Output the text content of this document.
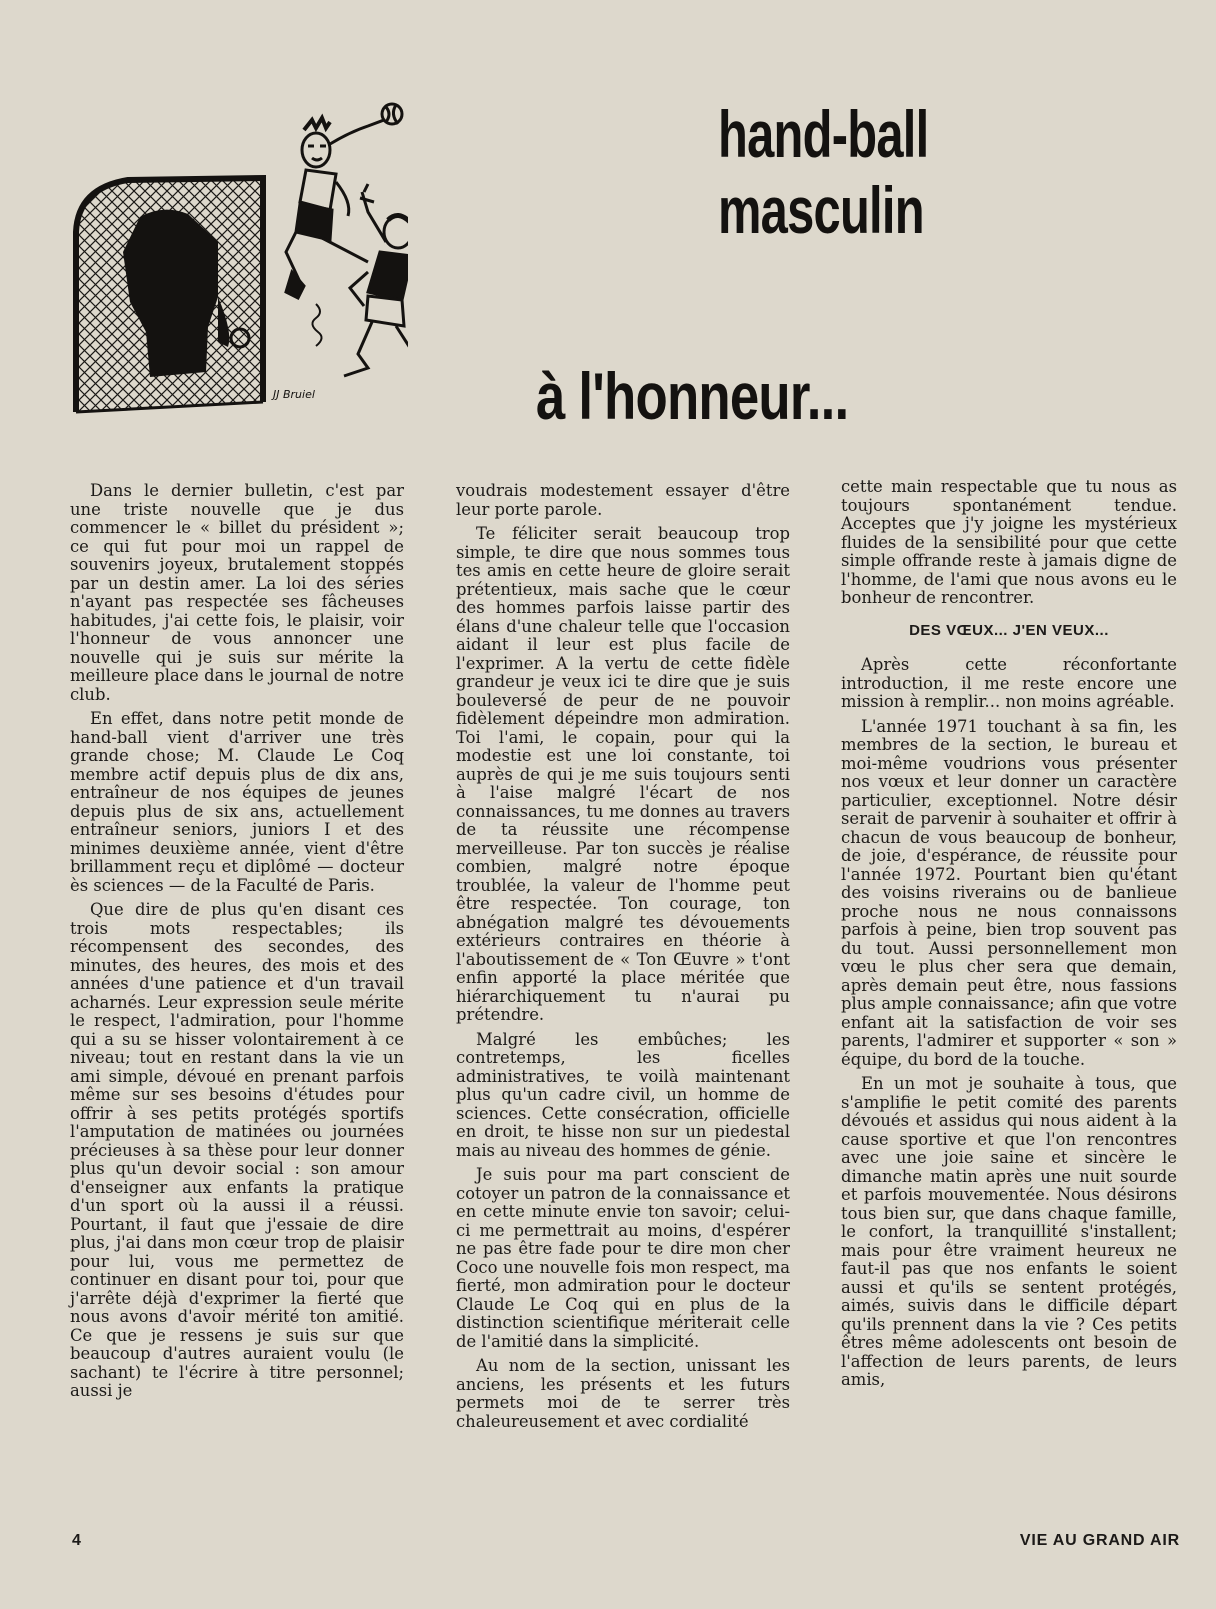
hand-ball masculin
à l'honneur...
JJ Bruiel

Dans le dernier bulletin, c'est par une triste nouvelle que je dus commencer le « billet du président »; ce qui fut pour moi un rappel de souvenirs joyeux, brutalement stoppés par un destin amer. La loi des séries n'ayant pas respectée ses fâcheuses habitudes, j'ai cette fois, le plaisir, voir l'honneur de vous annoncer une nouvelle qui je suis sur mérite la meilleure place dans le journal de notre club.

En effet, dans notre petit monde de hand-ball vient d'arriver une très grande chose; M. Claude Le Coq membre actif depuis plus de dix ans, entraîneur de nos équipes de jeunes depuis plus de six ans, actuellement entraîneur seniors, juniors I et des minimes deuxième année, vient d'être brillamment reçu et diplômé — docteur ès sciences — de la Faculté de Paris.

Que dire de plus qu'en disant ces trois mots respectables; ils récompensent des secondes, des minutes, des heures, des mois et des années d'une patience et d'un travail acharnés. Leur expression seule mérite le respect, l'admiration, pour l'homme qui a su se hisser volontairement à ce niveau; tout en restant dans la vie un ami simple, dévoué en prenant parfois même sur ses besoins d'études pour offrir à ses petits protégés sportifs l'amputation de matinées ou journées précieuses à sa thèse pour leur donner plus qu'un devoir social : son amour d'enseigner aux enfants la pratique d'un sport où la aussi il a réussi. Pourtant, il faut que j'essaie de dire plus, j'ai dans mon cœur trop de plaisir pour lui, vous me permettez de continuer en disant pour toi, pour que j'arrête déjà d'exprimer la fierté que nous avons d'avoir mérité ton amitié. Ce que je ressens je suis sur que beaucoup d'autres auraient voulu (le sachant) te l'écrire à titre personnel; aussi je

voudrais modestement essayer d'être leur porte parole.

Te féliciter serait beaucoup trop simple, te dire que nous sommes tous tes amis en cette heure de gloire serait prétentieux, mais sache que le cœur des hommes parfois laisse partir des élans d'une chaleur telle que l'occasion aidant il leur est plus facile de l'exprimer. A la vertu de cette fidèle grandeur je veux ici te dire que je suis bouleversé de peur de ne pouvoir fidèlement dépeindre mon admiration. Toi l'ami, le copain, pour qui la modestie est une loi constante, toi auprès de qui je me suis toujours senti à l'aise malgré l'écart de nos connaissances, tu me donnes au travers de ta réussite une récompense merveilleuse. Par ton succès je réalise combien, malgré notre époque troublée, la valeur de l'homme peut être respectée. Ton courage, ton abnégation malgré tes dévouements extérieurs contraires en théorie à l'aboutissement de « Ton Œuvre » t'ont enfin apporté la place méritée que hiérarchiquement tu n'aurai pu prétendre.

Malgré les embûches; les contretemps, les ficelles administratives, te voilà maintenant plus qu'un cadre civil, un homme de sciences. Cette consécration, officielle en droit, te hisse non sur un piedestal mais au niveau des hommes de génie.

Je suis pour ma part conscient de cotoyer un patron de la connaissance et en cette minute envie ton savoir; celui-ci me permettrait au moins, d'espérer ne pas être fade pour te dire mon cher Coco une nouvelle fois mon respect, ma fierté, mon admiration pour le docteur Claude Le Coq qui en plus de la distinction scientifique mériterait celle de l'amitié dans la simplicité.

Au nom de la section, unissant les anciens, les présents et les futurs permets moi de te serrer très chaleureusement et avec cordialité

cette main respectable que tu nous as toujours spontanément tendue. Acceptes que j'y joigne les mystérieux fluides de la sensibilité pour que cette simple offrande reste à jamais digne de l'homme, de l'ami que nous avons eu le bonheur de rencontrer.

DES VŒUX... J'EN VEUX...

Après cette réconfortante introduction, il me reste encore une mission à remplir... non moins agréable.

L'année 1971 touchant à sa fin, les membres de la section, le bureau et moi-même voudrions vous présenter nos vœux et leur donner un caractère particulier, exceptionnel. Notre désir serait de parvenir à souhaiter et offrir à chacun de vous beaucoup de bonheur, de joie, d'espérance, de réussite pour l'année 1972. Pourtant bien qu'étant des voisins riverains ou de banlieue proche nous ne nous connaissons parfois à peine, bien trop souvent pas du tout. Aussi personnellement mon vœu le plus cher sera que demain, après demain peut être, nous fassions plus ample connaissance; afin que votre enfant ait la satisfaction de voir ses parents, l'admirer et supporter « son » équipe, du bord de la touche.

En un mot je souhaite à tous, que s'amplifie le petit comité des parents dévoués et assidus qui nous aident à la cause sportive et que l'on rencontres avec une joie saine et sincère le dimanche matin après une nuit sourde et parfois mouvementée. Nous désirons tous bien sur, que dans chaque famille, le confort, la tranquillité s'installent; mais pour être vraiment heureux ne faut-il pas que nos enfants le soient aussi et qu'ils se sentent protégés, aimés, suivis dans le difficile départ qu'ils prennent dans la vie ? Ces petits êtres même adolescents ont besoin de l'affection de leurs parents, de leurs amis,

4	VIE AU GRAND AIR
